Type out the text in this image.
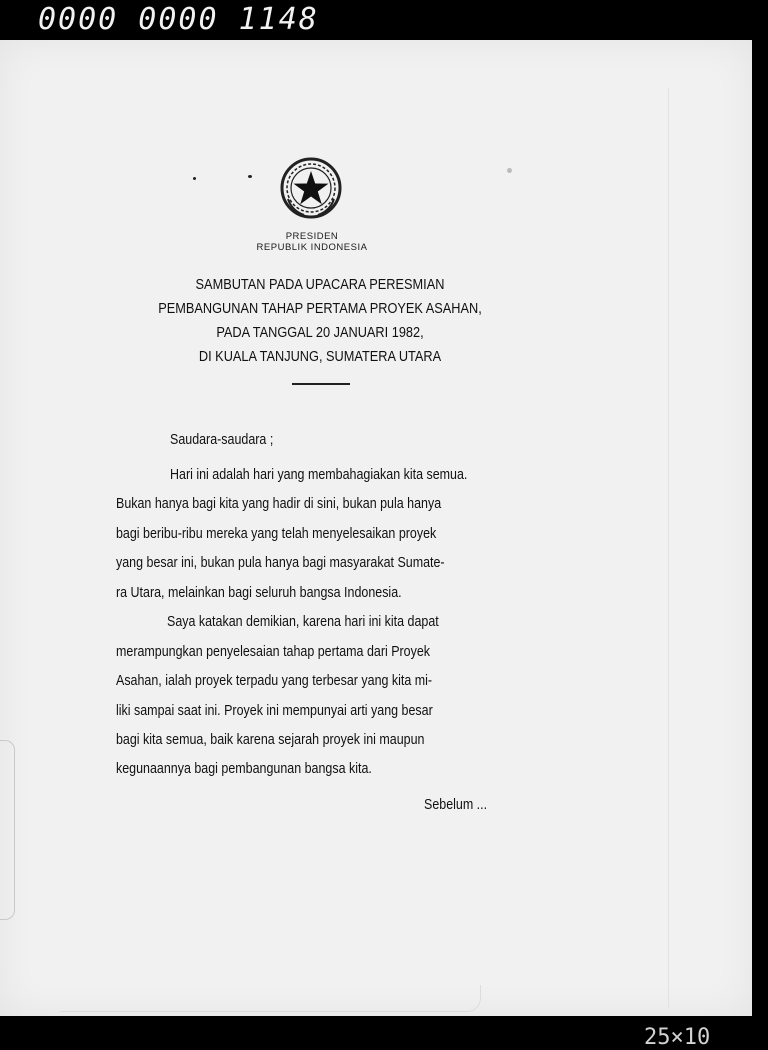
0000 0000 1148
25×10
PRESIDEN
REPUBLIK INDONESIA
SAMBUTAN PADA UPACARA PERESMIAN
PEMBANGUNAN TAHAP PERTAMA PROYEK ASAHAN,
PADA TANGGAL 20 JANUARI 1982,
DI KUALA TANJUNG, SUMATERA UTARA
Saudara-saudara ;
Hari ini adalah hari yang membahagiakan kita semua.
Bukan hanya bagi kita yang hadir di sini, bukan pula hanya
bagi beribu-ribu mereka yang telah menyelesaikan proyek
yang besar ini, bukan pula hanya bagi masyarakat Sumate-
ra Utara, melainkan bagi seluruh bangsa Indonesia.
Saya katakan demikian, karena hari ini kita dapat
merampungkan penyelesaian tahap pertama dari Proyek
Asahan, ialah proyek terpadu yang terbesar yang kita mi-
liki sampai saat ini. Proyek ini mempunyai arti yang besar
bagi kita semua, baik karena sejarah proyek ini maupun
kegunaannya bagi pembangunan bangsa kita.
Sebelum ...
